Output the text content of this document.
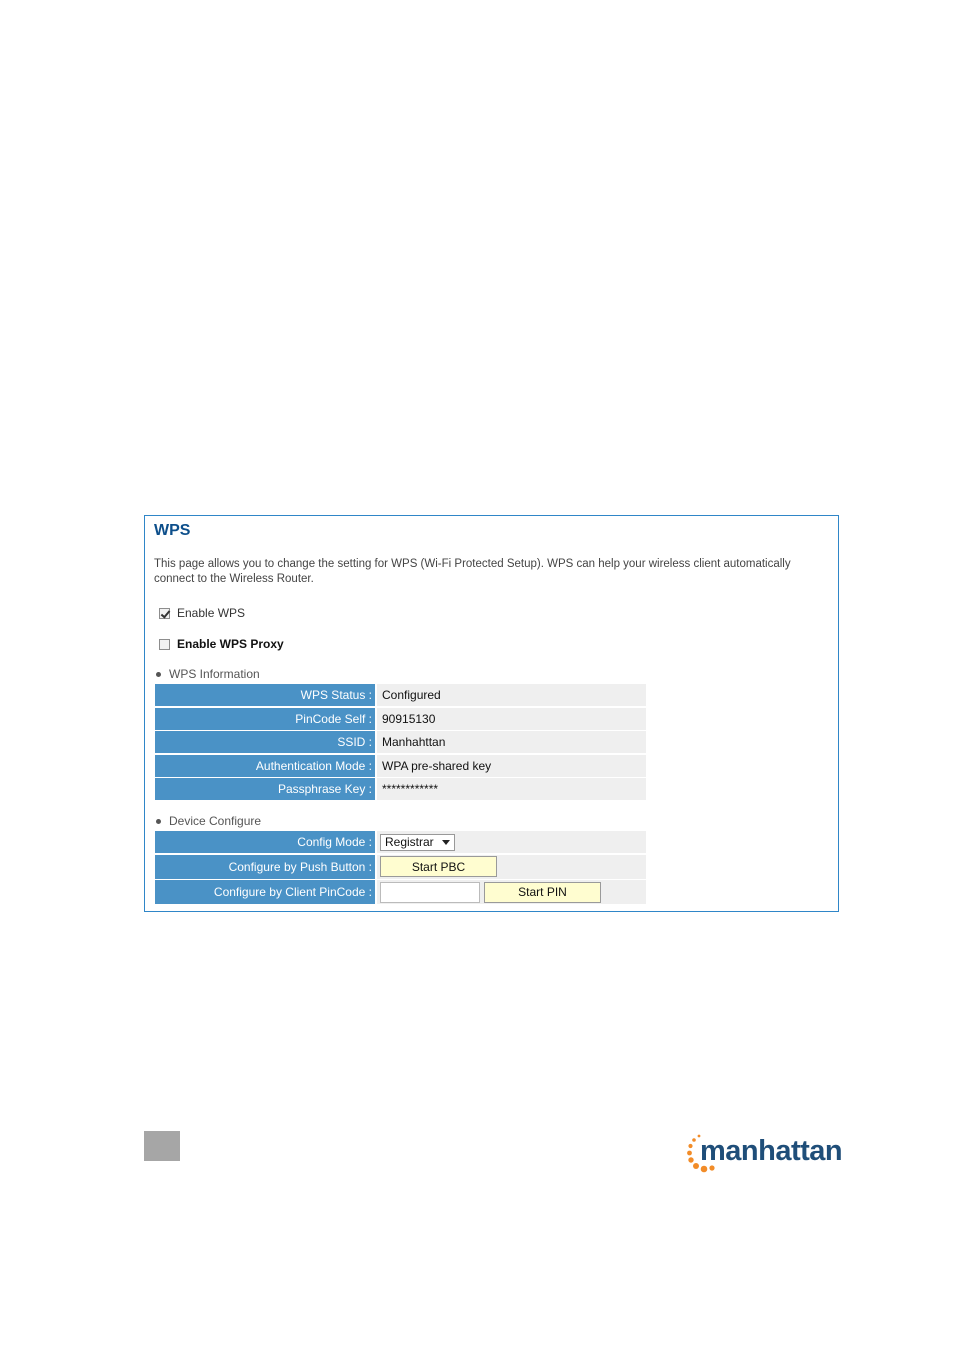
WPS
This page allows you to change the setting for WPS (Wi-Fi Protected Setup). WPS can help your wireless client automatically connect to the Wireless Router.
Enable WPS
Enable WPS Proxy
WPS Information
WPS Status : Configured
PinCode Self : 90915130
SSID : Manhahttan
Authentication Mode : WPA pre-shared key
Passphrase Key : ************
Device Configure
Config Mode : Registrar
Configure by Push Button :	Start PBC
Configure by Client PinCode :	Start PIN
manhattan
